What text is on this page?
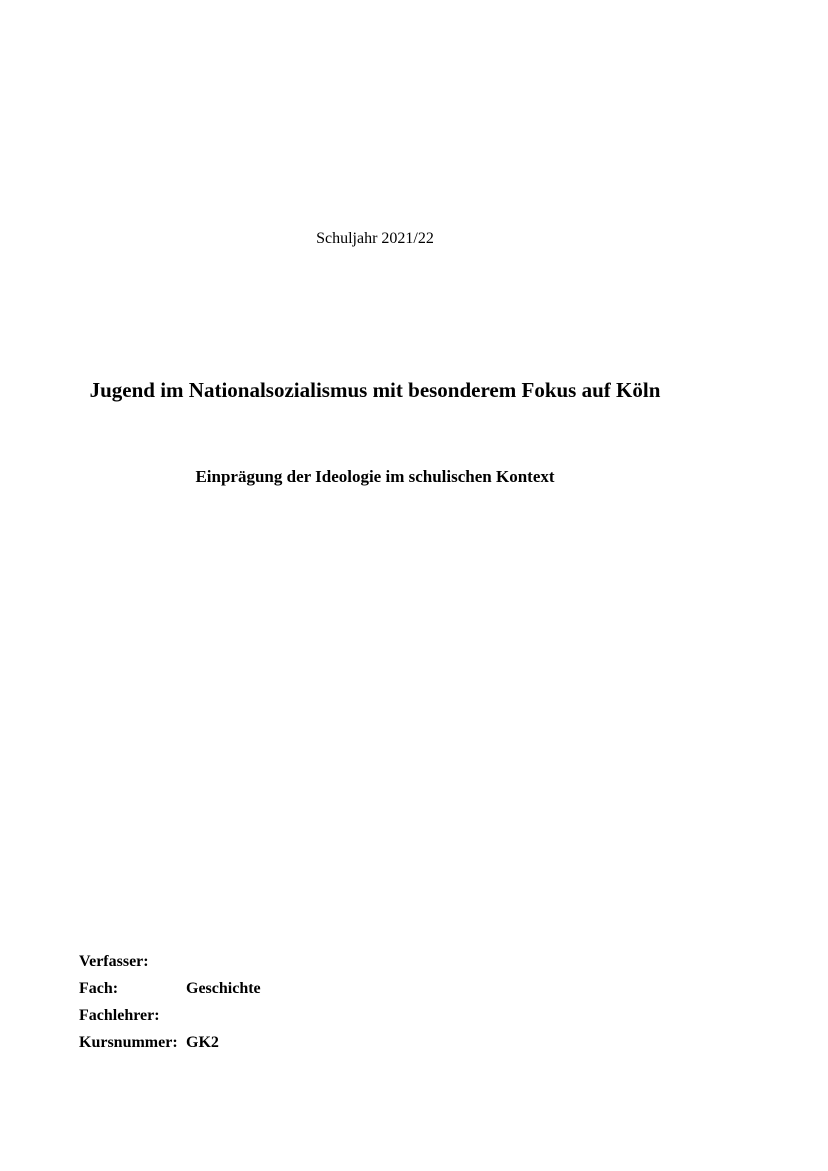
Schuljahr 2021/22
Jugend im Nationalsozialismus mit besonderem Fokus auf Köln
Einprägung der Ideologie im schulischen Kontext
Verfasser:
Fach:	Geschichte
Fachlehrer:
Kursnummer: GK2
